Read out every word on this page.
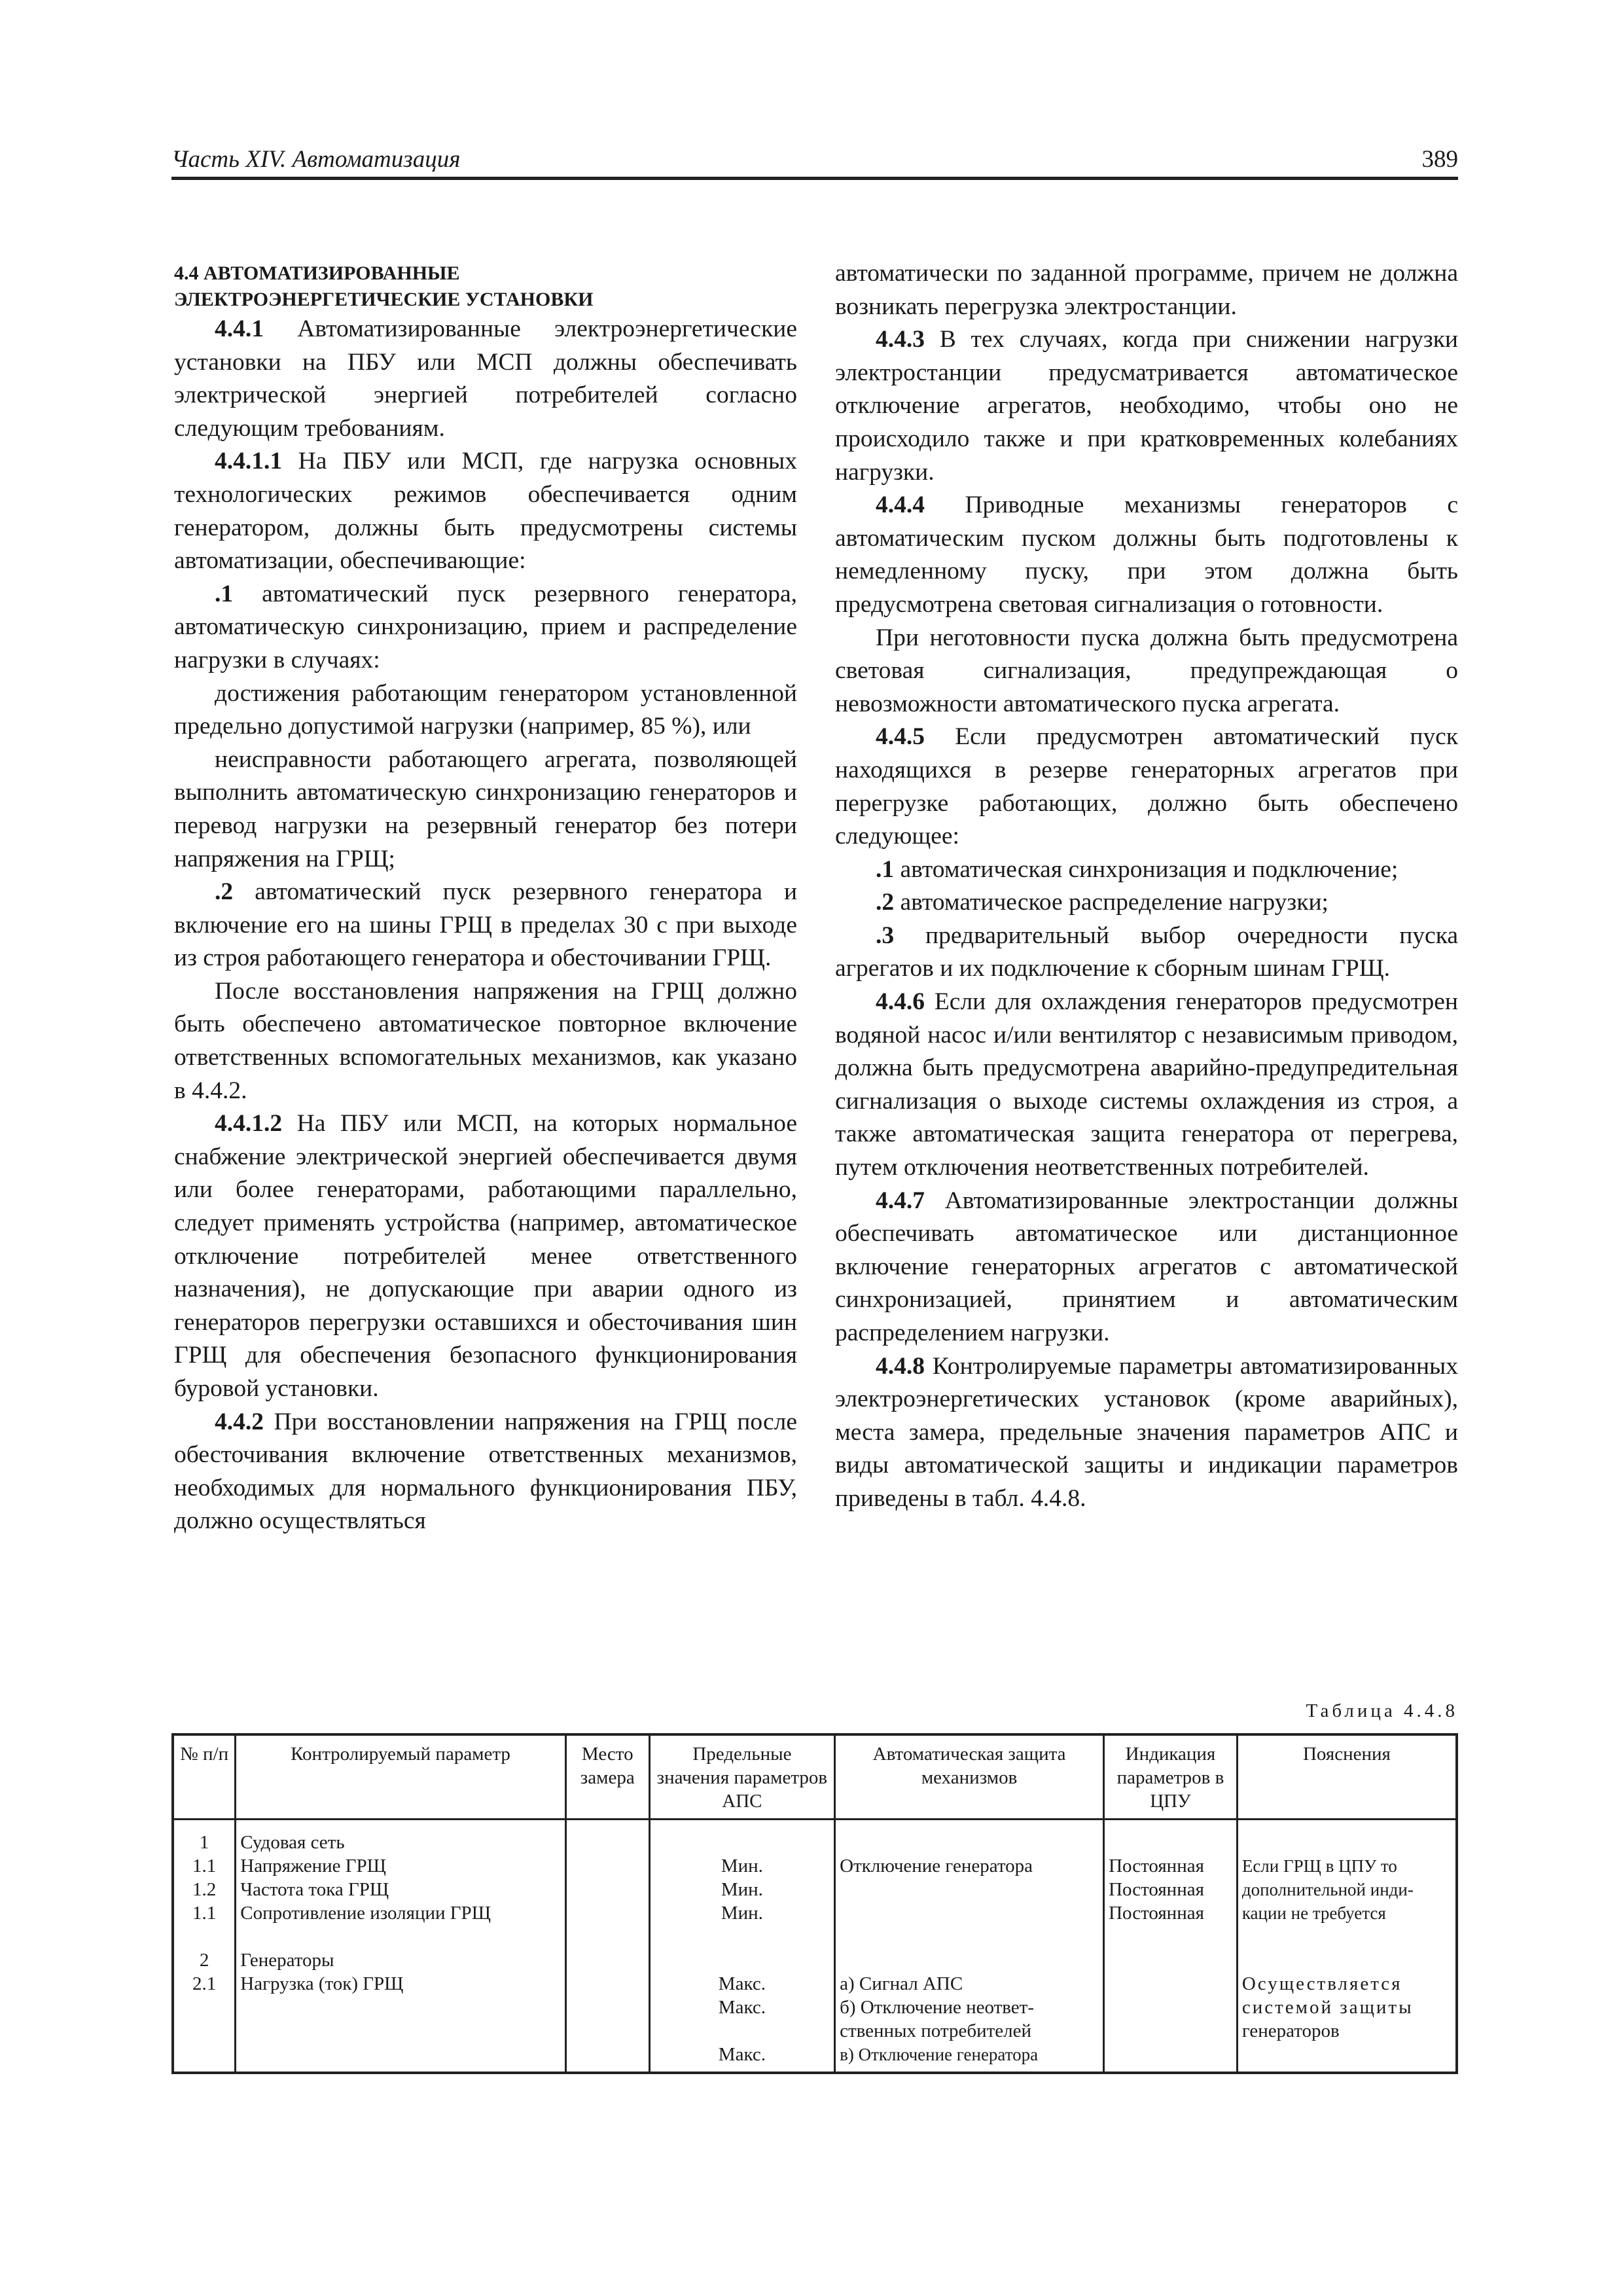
Часть XIV. Автоматизация	389

4.4 АВТОМАТИЗИРОВАННЫЕ
ЭЛЕКТРОЭНЕРГЕТИЧЕСКИЕ УСТАНОВКИ

4.4.1 Автоматизированные электроэнергетические установки на ПБУ или МСП должны обеспечивать электрической энергией потребителей согласно следующим требованиям.

4.4.1.1 На ПБУ или МСП, где нагрузка основных технологических режимов обеспечивается одним генератором, должны быть предусмотрены системы автоматизации, обеспечивающие:

.1 автоматический пуск резервного генератора, автоматическую синхронизацию, прием и распределение нагрузки в случаях:

достижения работающим генератором установленной предельно допустимой нагрузки (например, 85 %), или

неисправности работающего агрегата, позволяющей выполнить автоматическую синхронизацию генераторов и перевод нагрузки на резервный генератор без потери напряжения на ГРЩ;

.2 автоматический пуск резервного генератора и включение его на шины ГРЩ в пределах 30 с при выходе из строя работающего генератора и обесточивании ГРЩ.

После восстановления напряжения на ГРЩ должно быть обеспечено автоматическое повторное включение ответственных вспомогательных механизмов, как указано в 4.4.2.

4.4.1.2 На ПБУ или МСП, на которых нормальное снабжение электрической энергией обеспечивается двумя или более генераторами, работающими параллельно, следует применять устройства (например, автоматическое отключение потребителей менее ответственного назначения), не допускающие при аварии одного из генераторов перегрузки оставшихся и обесточивания шин ГРЩ для обеспечения безопасного функционирования буровой установки.

4.4.2 При восстановлении напряжения на ГРЩ после обесточивания включение ответственных механизмов, необходимых для нормального функционирования ПБУ, должно осуществляться

автоматически по заданной программе, причем не должна возникать перегрузка электростанции.

4.4.3 В тех случаях, когда при снижении нагрузки электростанции предусматривается автоматическое отключение агрегатов, необходимо, чтобы оно не происходило также и при кратковременных колебаниях нагрузки.

4.4.4 Приводные механизмы генераторов с автоматическим пуском должны быть подготовлены к немедленному пуску, при этом должна быть предусмотрена световая сигнализация о готовности.

При неготовности пуска должна быть предусмотрена световая сигнализация, предупреждающая о невозможности автоматического пуска агрегата.

4.4.5 Если предусмотрен автоматический пуск находящихся в резерве генераторных агрегатов при перегрузке работающих, должно быть обеспечено следующее:

.1 автоматическая синхронизация и подключение;

.2 автоматическое распределение нагрузки;

.3 предварительный выбор очередности пуска агрегатов и их подключение к сборным шинам ГРЩ.

4.4.6 Если для охлаждения генераторов предусмотрен водяной насос и/или вентилятор с независимым приводом, должна быть предусмотрена аварийно-предупредительная сигнализация о выходе системы охлаждения из строя, а также автоматическая защита генератора от перегрева, путем отключения неответственных потребителей.

4.4.7 Автоматизированные электростанции должны обеспечивать автоматическое или дистанционное включение генераторных агрегатов с автоматической синхронизацией, принятием и автоматическим распределением нагрузки.

4.4.8 Контролируемые параметры автоматизированных электроэнергетических установок (кроме аварийных), места замера, предельные значения параметров АПС и виды автоматической защиты и индикации параметров приведены в табл. 4.4.8.

Таблица 4.4.8
№ п/п	Контролируемый параметр	Место замера	Предельные значения параметров АПС	Автоматическая защита механизмов	Индикация параметров в ЦПУ	Пояснения
1	Судовая сеть					
1.1	Напряжение ГРЩ		Мин.	Отключение генератора	Постоянная	Если ГРЩ в ЦПУ то
1.2	Частота тока ГРЩ		Мин.		Постоянная	дополнительной инди-
1.1	Сопротивление изоляции ГРЩ		Мин.		Постоянная	кации не требуется
2	Генераторы					
2.1	Нагрузка (ток) ГРЩ		Макс.	а) Сигнал АПС		Осуществляется
			Макс.	б) Отключение неответ-		системой защиты
				ственных потребителей		генераторов
			Макс.	в) Отключение генератора		
